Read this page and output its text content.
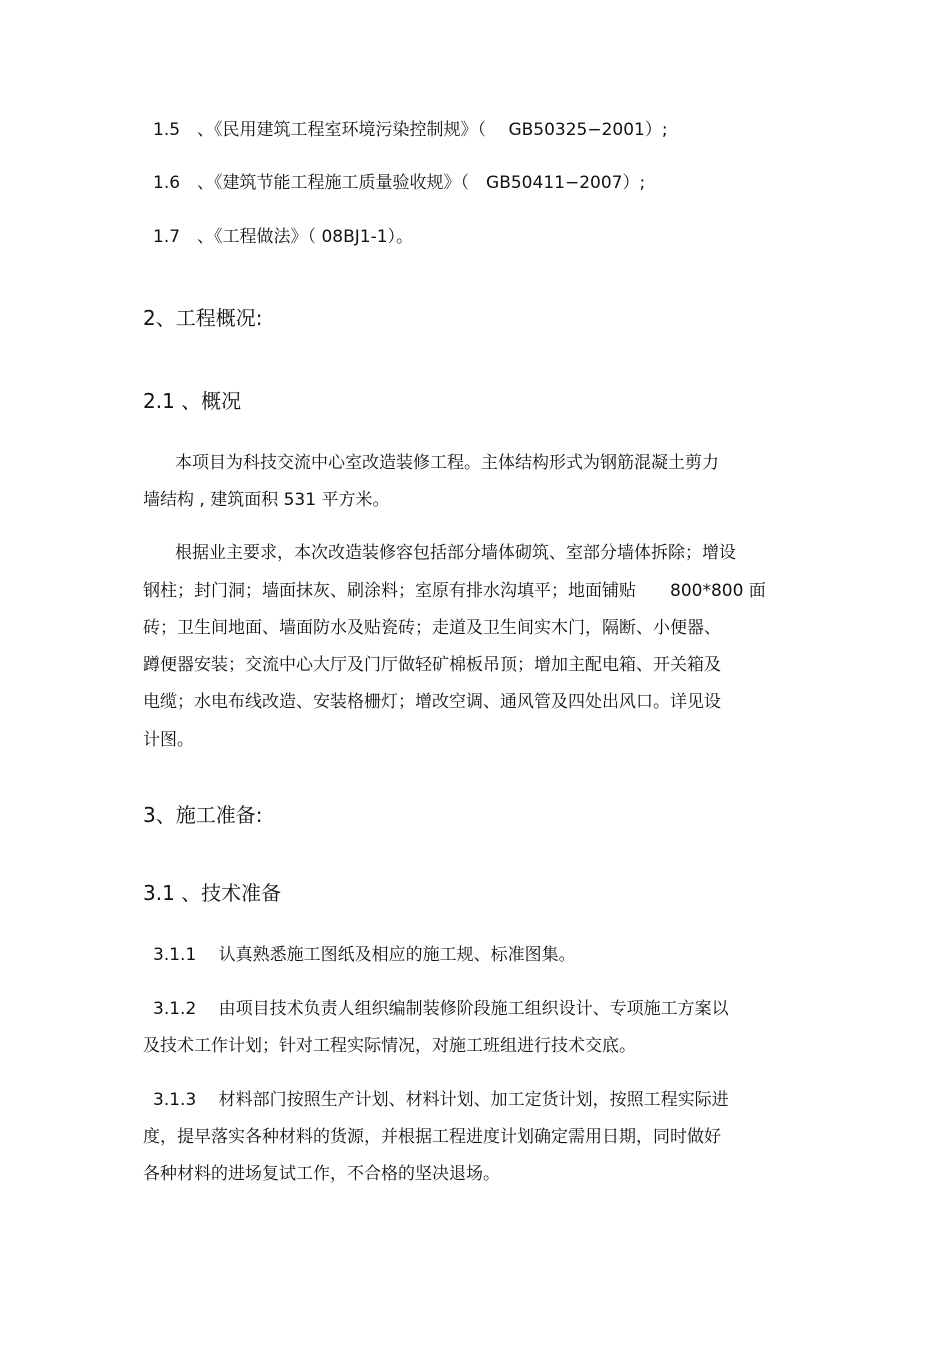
1.5　、《民用建筑工程室环境污染控制规》（　 GB50325−2001）;
1.6　、《建筑节能工程施工质量验收规》（　GB50411−2007）;
1.7　、《工程做法》（ 08BJ1-1）。
2、工程概况:
2.1 、概况
本项目为科技交流中心室改造装修工程。主体结构形式为钢筋混凝土剪力
墙结构 , 建筑面积 531 平方米。
根据业主要求，本次改造装修容包括部分墙体砌筑、室部分墙体拆除；增设
钢柱；封门洞；墙面抹灰、刷涂料；室原有排水沟填平；地面铺贴　　800*800 面
砖；卫生间地面、墙面防水及贴瓷砖；走道及卫生间实木门，隔断、小便器、
蹲便器安装；交流中心大厅及门厅做轻矿棉板吊顶；增加主配电箱、开关箱及
电缆；水电布线改造、安装格栅灯；增改空调、通风管及四处出风口。详见设
计图。
3、施工准备:
3.1 、技术准备
3.1.1　 认真熟悉施工图纸及相应的施工规、标准图集。
3.1.2　 由项目技术负责人组织编制装修阶段施工组织设计、专项施工方案以
及技术工作计划；针对工程实际情况，对施工班组进行技术交底。
3.1.3　 材料部门按照生产计划、材料计划、加工定货计划，按照工程实际进
度，提早落实各种材料的货源，并根据工程进度计划确定需用日期，同时做好
各种材料的进场复试工作，不合格的坚决退场。
